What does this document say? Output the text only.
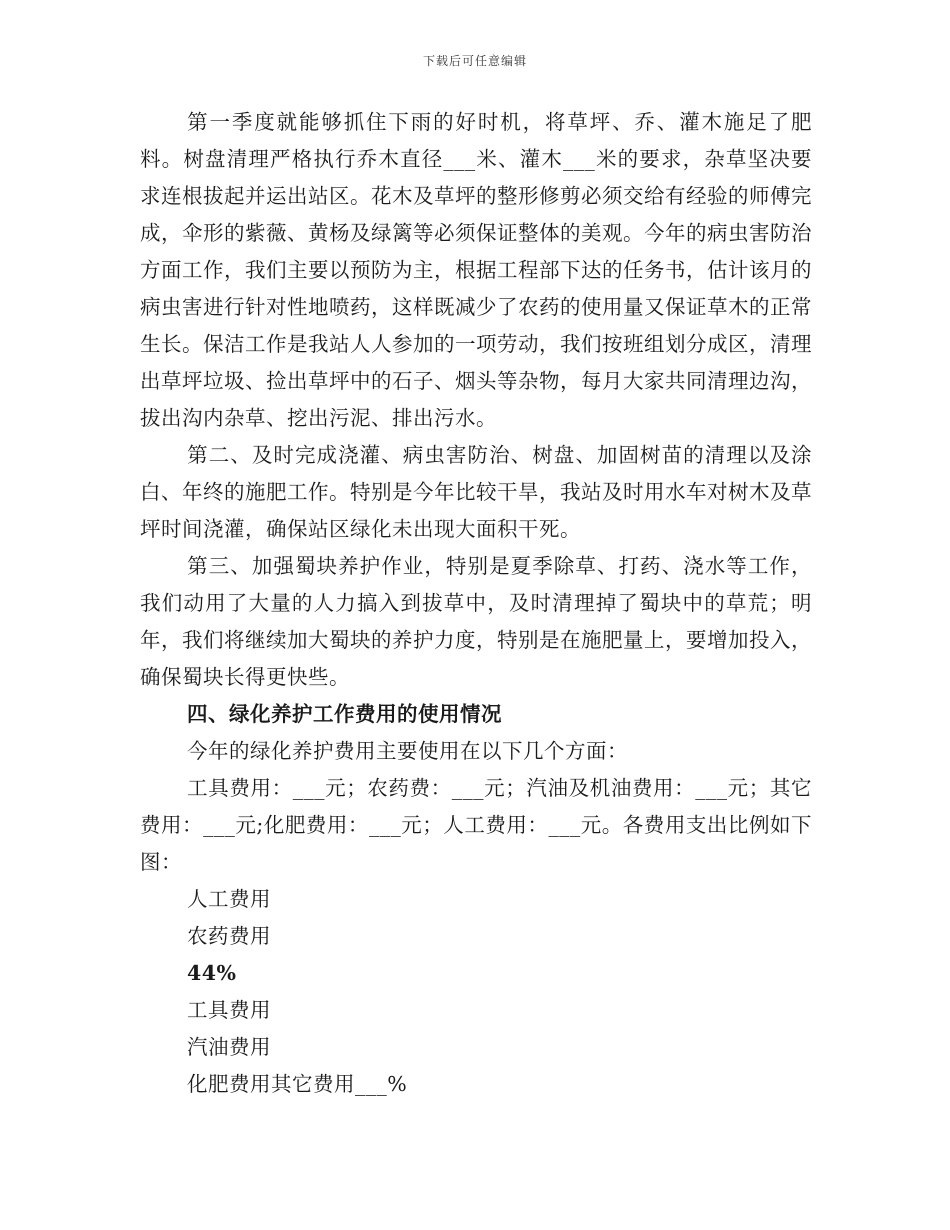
下载后可任意编辑

第一季度就能够抓住下雨的好时机，将草坪、乔、灌木施足了肥料。树盘清理严格执行乔木直径___米、灌木___米的要求，杂草坚决要求连根拔起并运出站区。花木及草坪的整形修剪必须交给有经验的师傅完成，伞形的紫薇、黄杨及绿篱等必须保证整体的美观。今年的病虫害防治方面工作，我们主要以预防为主，根据工程部下达的任务书，估计该月的病虫害进行针对性地喷药，这样既减少了农药的使用量又保证草木的正常生长。保洁工作是我站人人参加的一项劳动，我们按班组划分成区，清理出草坪垃圾、捡出草坪中的石子、烟头等杂物，每月大家共同清理边沟，拔出沟内杂草、挖出污泥、排出污水。

第二、及时完成浇灌、病虫害防治、树盘、加固树苗的清理以及涂白、年终的施肥工作。特别是今年比较干旱，我站及时用水车对树木及草坪时间浇灌，确保站区绿化未出现大面积干死。

第三、加强蜀块养护作业，特别是夏季除草、打药、浇水等工作，我们动用了大量的人力搞入到拔草中，及时清理掉了蜀块中的草荒；明年，我们将继续加大蜀块的养护力度，特别是在施肥量上，要增加投入，确保蜀块长得更快些。

四、绿化养护工作费用的使用情况

今年的绿化养护费用主要使用在以下几个方面：

工具费用：___元；农药费：___元；汽油及机油费用：___元；其它费用：___元;化肥费用：___元；人工费用：___元。各费用支出比例如下图：

人工费用

农药费用

44%

工具费用

汽油费用

化肥费用其它费用___%
